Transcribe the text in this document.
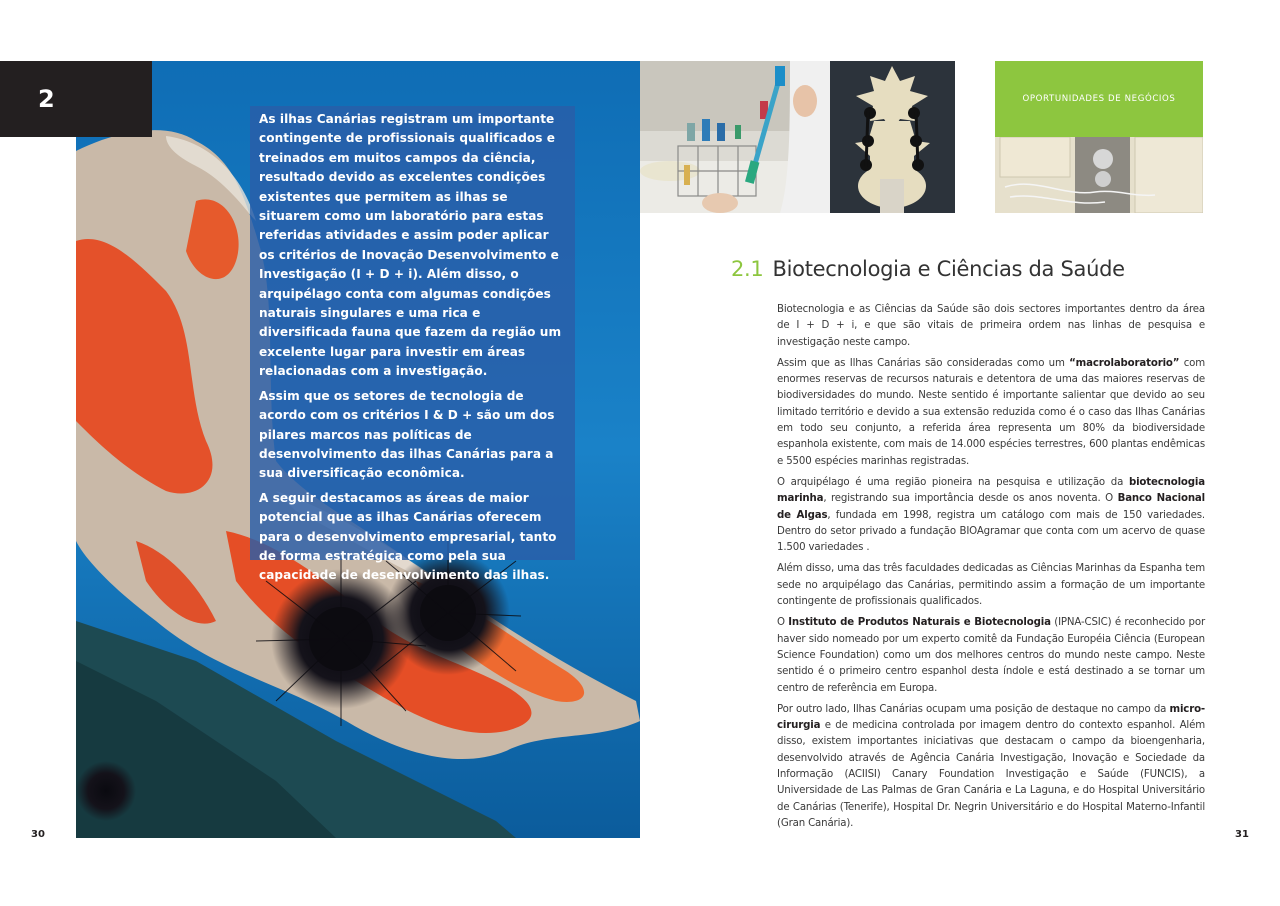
2

As ilhas Canárias registram um importante contingente de profissionais qualificados e treinados em muitos campos da ciência, resultado devido as excelentes condições existentes que permitem as ilhas se situarem como um laboratório para estas referidas atividades e assim poder aplicar os critérios de Inovação Desenvolvimento e Investigação (I + D + i). Além disso, o arquipélago conta com algumas condições naturais singulares e uma rica e diversificada fauna que fazem da região um excelente lugar para investir em áreas relacionadas com a investigação.

Assim que os setores de tecnologia de acordo com os critérios I & D + são um dos pilares marcos nas políticas de desenvolvimento das ilhas Canárias para a sua diversificação econômica.

A seguir destacamos as áreas de maior potencial que as ilhas Canárias oferecem para o desenvolvimento empresarial, tanto de forma estratégica como pela sua capacidade de desenvolvimento das ilhas.

30
OPORTUNIDADES DE NEGÓCIOS
2.1 Biotecnologia e Ciências da Saúde

Biotecnologia e as Ciências da Saúde são dois sectores importantes dentro da área de I + D + i, e que são vitais de primeira ordem nas linhas de pesquisa e investigação neste campo.

Assim que as Ilhas Canárias são consideradas como um “macrolaboratorio” com enormes reservas de recursos naturais e detentora de uma das maiores reservas de biodiversidades do mundo. Neste sentido é importante salientar que devido ao seu limitado território e devido a sua extensão reduzida como é o caso das Ilhas Canárias em todo seu conjunto, a referida área representa um 80% da biodiversidade espanhola existente, com mais de 14.000 espécies terrestres, 600 plantas endêmicas e 5500 espécies marinhas registradas.

O arquipélago é uma região pioneira na pesquisa e utilização da biotecnologia marinha, registrando sua importância desde os anos noventa. O Banco Nacional de Algas, fundada em 1998, registra um catálogo com mais de 150 variedades. Dentro do setor privado a fundação BIOAgramar que conta com um acervo de quase 1.500 variedades .

Além disso, uma das três faculdades dedicadas as Ciências Marinhas da Espanha tem sede no arquipélago das Canárias, permitindo assim a formação de um importante contingente de profissionais qualificados.

O Instituto de Produtos Naturais e Biotecnologia (IPNA-CSIC) é reconhecido por haver sido nomeado por um experto comitê da Fundação Européia Ciência (European Science Foundation) como um dos melhores centros do mundo neste campo. Neste sentido é o primeiro centro espanhol desta índole e está destinado a se tornar um centro de referência em Europa.

Por outro lado, Ilhas Canárias ocupam uma posição de destaque no campo da micro-cirurgia e de medicina controlada por imagem dentro do contexto espanhol. Além disso, existem importantes iniciativas que destacam o campo da bioengenharia, desenvolvido através de Agência Canária Investigação, Inovação e Sociedade da Informação (ACIISI) Canary Foundation Investigação e Saúde (FUNCIS), a Universidade de Las Palmas de Gran Canária e La Laguna, e do Hospital Universitário de Canárias (Tenerife), Hospital Dr. Negrin Universitário e do Hospital Materno-Infantil (Gran Canária).

31
